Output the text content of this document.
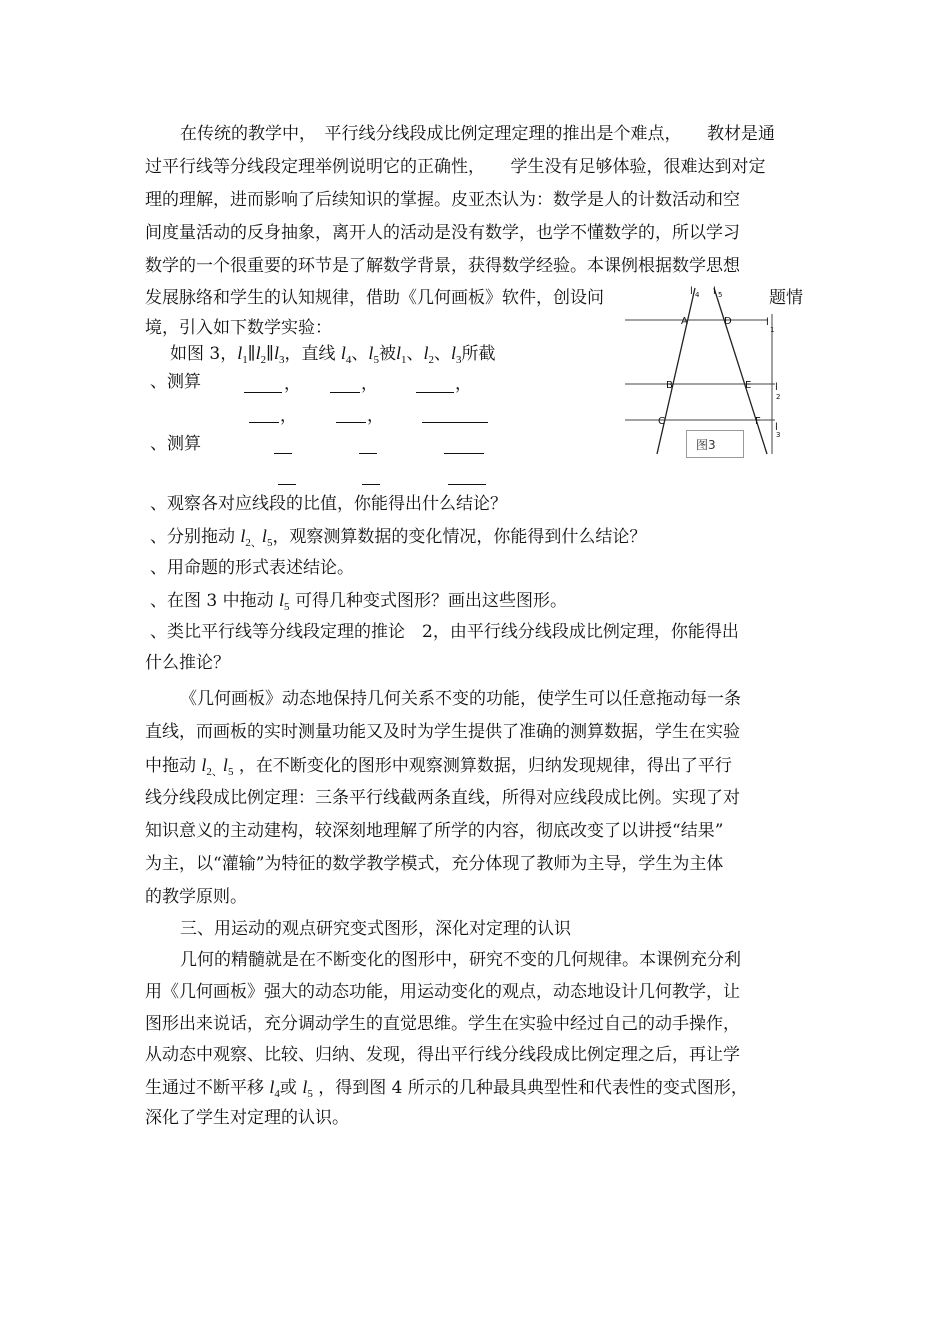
在传统的教学中，　平行线分线段成比例定理定理的推出是个难点，　　教材是通
过平行线等分线段定理举例说明它的正确性，　　学生没有足够体验，很难达到对定
理的理解，进而影响了后续知识的掌握。皮亚杰认为：数学是人的计数活动和空
间度量活动的反身抽象，离开人的活动是没有数学，也学不懂数学的，所以学习
数学的一个很重要的环节是了解数学背景，获得数学经验。本课例根据数学思想
发展脉络和学生的认知规律，借助《几何画板》软件，创设问	题情
境，引入如下数学实验：
如图 3，$l_1\parallel l_2\parallel l_3$，直线 $l_4$、$l_5$被$l_1$、$l_2$、$l_3$所截
、测算	，	，	，
，	，
、测算
l 4 l 5
A	D
B	E
C	F
l
1
l
2
l
3
图3
、观察各对应线段的比值，你能得出什么结论？
、分别拖动 $l_{2、}l_5$，观察测算数据的变化情况，你能得到什么结论？
、用命题的形式表述结论。
、在图 3 中拖动 $l_5$ 可得几种变式图形？画出这些图形。
、类比平行线等分线段定理的推论　2，由平行线分线段成比例定理，你能得出
什么推论？
《几何画板》动态地保持几何关系不变的功能，使学生可以任意拖动每一条
直线，而画板的实时测量功能又及时为学生提供了准确的测算数据，学生在实验
中拖动 $l_{2、}l_5$ ，在不断变化的图形中观察测算数据，归纳发现规律，得出了平行
线分线段成比例定理：三条平行线截两条直线，所得对应线段成比例。实现了对
知识意义的主动建构，较深刻地理解了所学的内容，彻底改变了以讲授“结果”
为主，以“灌输”为特征的数学教学模式，充分体现了教师为主导，学生为主体
的教学原则。
三、用运动的观点研究变式图形，深化对定理的认识
几何的精髓就是在不断变化的图形中，研究不变的几何规律。本课例充分利
用《几何画板》强大的动态功能，用运动变化的观点，动态地设计几何教学，让
图形出来说话，充分调动学生的直觉思维。学生在实验中经过自己的动手操作，
从动态中观察、比较、归纳、发现，得出平行线分线段成比例定理之后，再让学
生通过不断平移 $l_4$或 $l_5$ ，得到图 4 所示的几种最具典型性和代表性的变式图形，
深化了学生对定理的认识。
